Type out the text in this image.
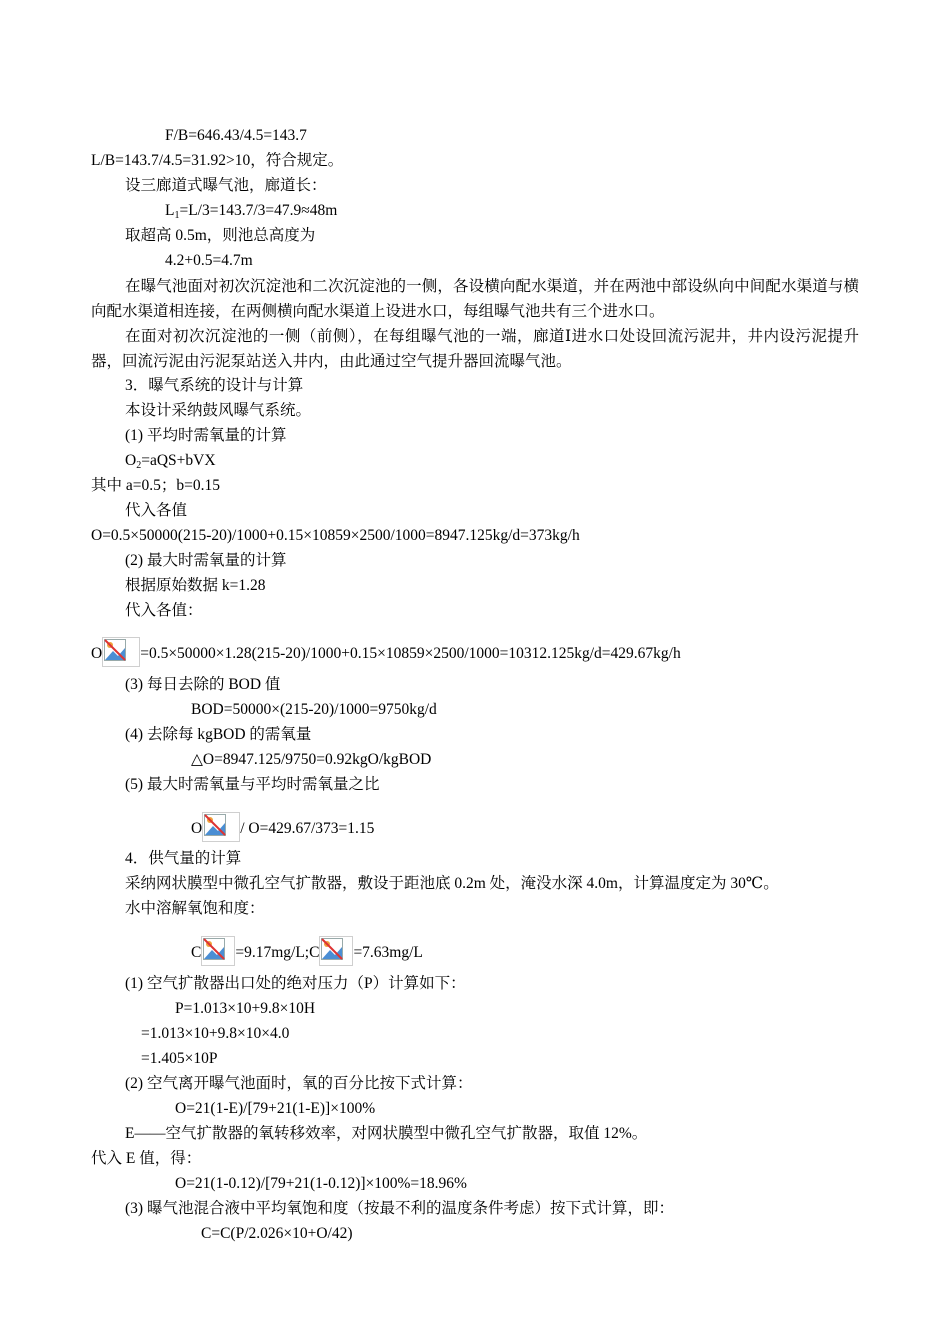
F/B=646.43/4.5=143.7
L/B=143.7/4.5=31.92>10，符合规定。
设三廊道式曝气池，廊道长：
$L_1=L/3=143.7/3=47.9\approx 48m$
取超高 0.5m，则池总高度为
4.2+0.5=4.7m
在曝气池面对初次沉淀池和二次沉淀池的一侧，各设横向配水渠道，并在两池中部设纵向中间配水渠道与横向配水渠道相连接，在两侧横向配水渠道上设进水口，每组曝气池共有三个进水口。
在面对初次沉淀池的一侧（前侧），在每组曝气池的一端，廊道Ⅰ进水口处设回流污泥井，井内设污泥提升器，回流污泥由污泥泵站送入井内，由此通过空气提升器回流曝气池。
3．曝气系统的设计与计算
本设计采纳鼓风曝气系统。
(1) 平均时需氧量的计算
$O_2=aQS+bVX$
其中 a=0.5；b=0.15
代入各值
O=0.5×50000(215-20)/1000+0.15×10859×2500/1000=8947.125kg/d=373kg/h
(2) 最大时需氧量的计算
根据原始数据 k=1.28
代入各值：
O =0.5×50000×1.28(215-20)/1000+0.15×10859×2500/1000=10312.125kg/d=429.67kg/h
(3) 每日去除的 BOD 值
BOD=50000×(215-20)/1000=9750kg/d
(4) 去除每 kgBOD 的需氧量
△O=8947.125/9750=0.92kgO/kgBOD
(5) 最大时需氧量与平均时需氧量之比
O / O=429.67/373=1.15
4．供气量的计算
采纳网状膜型中微孔空气扩散器，敷设于距池底 0.2m 处，淹没水深 4.0m，计算温度定为 30℃。
水中溶解氧饱和度：
C =9.17mg/L;C =7.63mg/L
(1) 空气扩散器出口处的绝对压力（P）计算如下：
P=1.013×10+9.8×10H
=1.013×10+9.8×10×4.0
=1.405×10P
(2) 空气离开曝气池面时，氧的百分比按下式计算：
O=21(1-E)/[79+21(1-E)]×100%
E——空气扩散器的氧转移效率，对网状膜型中微孔空气扩散器，取值 12%。
代入 E 值，得：
O=21(1-0.12)/[79+21(1-0.12)]×100%=18.96%
(3) 曝气池混合液中平均氧饱和度（按最不利的温度条件考虑）按下式计算，即：
C=C(P/2.026×10+O/42)
